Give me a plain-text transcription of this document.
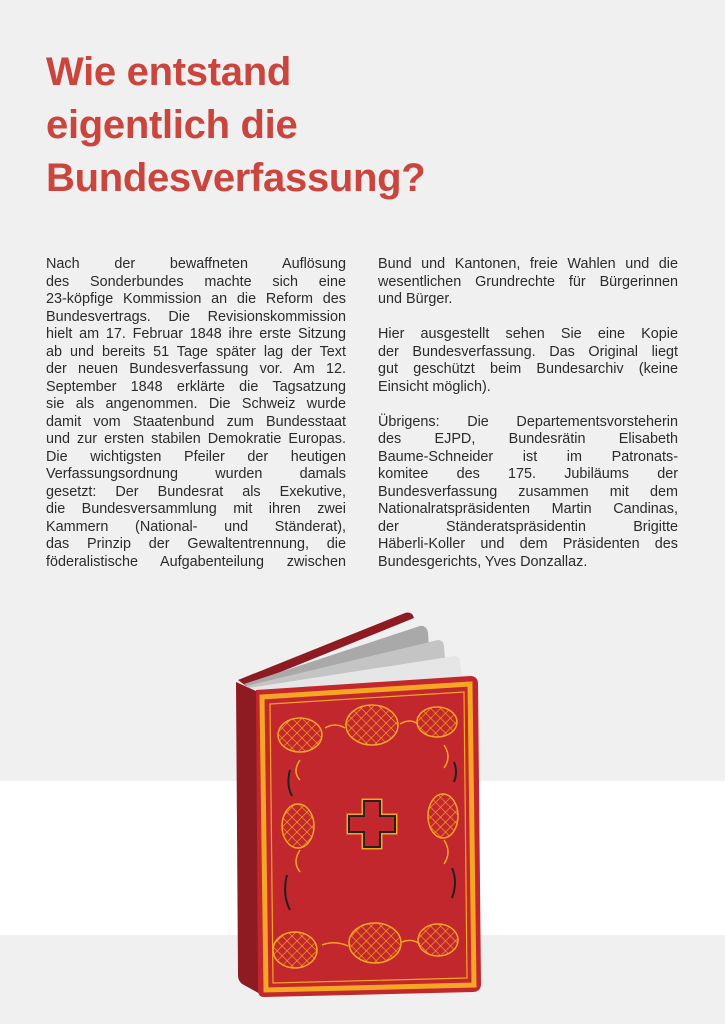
Wie entstand
eigentlich die
Bundesverfassung?
Nach der bewaffneten Auflösung
des Sonderbundes machte sich eine
23-köpfige Kommission an die Reform des
Bundesvertrags. Die Revisionskommission
hielt am 17. Februar 1848 ihre erste Sitzung
ab und bereits 51 Tage später lag der Text
der neuen Bundesverfassung vor. Am 12.
September 1848 erklärte die Tagsatzung
sie als angenommen. Die Schweiz wurde
damit vom Staatenbund zum Bundesstaat
und zur ersten stabilen Demokratie Europas.
Die wichtigsten Pfeiler der heutigen
Verfassungsordnung wurden damals
gesetzt: Der Bundesrat als Exekutive,
die Bundesversammlung mit ihren zwei
Kammern (National- und Ständerat),
das Prinzip der Gewaltentrennung, die
föderalistische Aufgabenteilung zwischen
Bund und Kantonen, freie Wahlen und die
wesentlichen Grundrechte für Bürgerinnen
und Bürger.
Hier ausgestellt sehen Sie eine Kopie
der Bundesverfassung. Das Original liegt
gut geschützt beim Bundesarchiv (keine
Einsicht möglich).
Übrigens: Die Departementsvorsteherin
des EJPD, Bundesrätin Elisabeth
Baume-Schneider ist im Patronats-
komitee des 175. Jubiläums der
Bundesverfassung zusammen mit dem
Nationalratspräsidenten Martin Candinas,
der Ständeratspräsidentin Brigitte
Häberli-Koller und dem Präsidenten des
Bundesgerichts, Yves Donzallaz.
